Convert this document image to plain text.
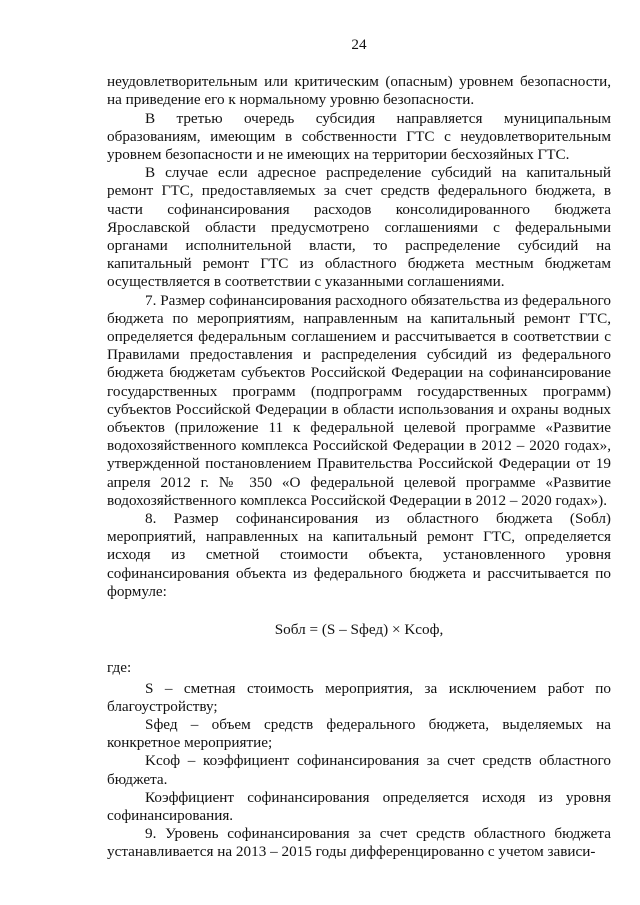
24

неудовлетворительным или критическим (опасным) уровнем безопасности, на приведение его к нормальному уровню безопасности.

В третью очередь субсидия направляется муниципальным образованиям, имеющим в собственности ГТС с неудовлетворительным уровнем безопасности и не имеющих на территории бесхозяйных ГТС.

В случае если адресное распределение субсидий на капитальный ремонт ГТС, предоставляемых за счет средств федерального бюджета, в части софинансирования расходов консолидированного бюджета Ярославской области предусмотрено соглашениями с федеральными органами исполнительной власти, то распределение субсидий на капитальный ремонт ГТС из областного бюджета местным бюджетам осуществляется в соответствии с указанными соглашениями.

7. Размер софинансирования расходного обязательства из федерального бюджета по мероприятиям, направленным на капитальный ремонт ГТС, определяется федеральным соглашением и рассчитывается в соответствии с Правилами предоставления и распределения субсидий из федерального бюджета бюджетам субъектов Российской Федерации на софинансирование государственных программ (подпрограмм государственных программ) субъектов Российской Федерации в области использования и охраны водных объектов (приложение 11 к федеральной целевой программе «Развитие водохозяйственного комплекса Российской Федерации в 2012 – 2020 годах», утвержденной постановлением Правительства Российской Федерации от 19 апреля 2012 г. № 350 «О федеральной целевой программе «Развитие водохозяйственного комплекса Российской Федерации в 2012 – 2020 годах»).

8. Размер софинансирования из областного бюджета (Sобл) мероприятий, направленных на капитальный ремонт ГТС, определяется исходя из сметной стоимости объекта, установленного уровня софинансирования объекта из федерального бюджета и рассчитывается по формуле:

Sобл = (S – Sфед) × Kсоф,

где:

S – сметная стоимость мероприятия, за исключением работ по благоустройству;

Sфед – объем средств федерального бюджета, выделяемых на конкретное мероприятие;

Kсоф – коэффициент софинансирования за счет средств областного бюджета.

Коэффициент софинансирования определяется исходя из уровня софинансирования.

9. Уровень софинансирования за счет средств областного бюджета устанавливается на 2013 – 2015 годы дифференцированно с учетом зависи-
